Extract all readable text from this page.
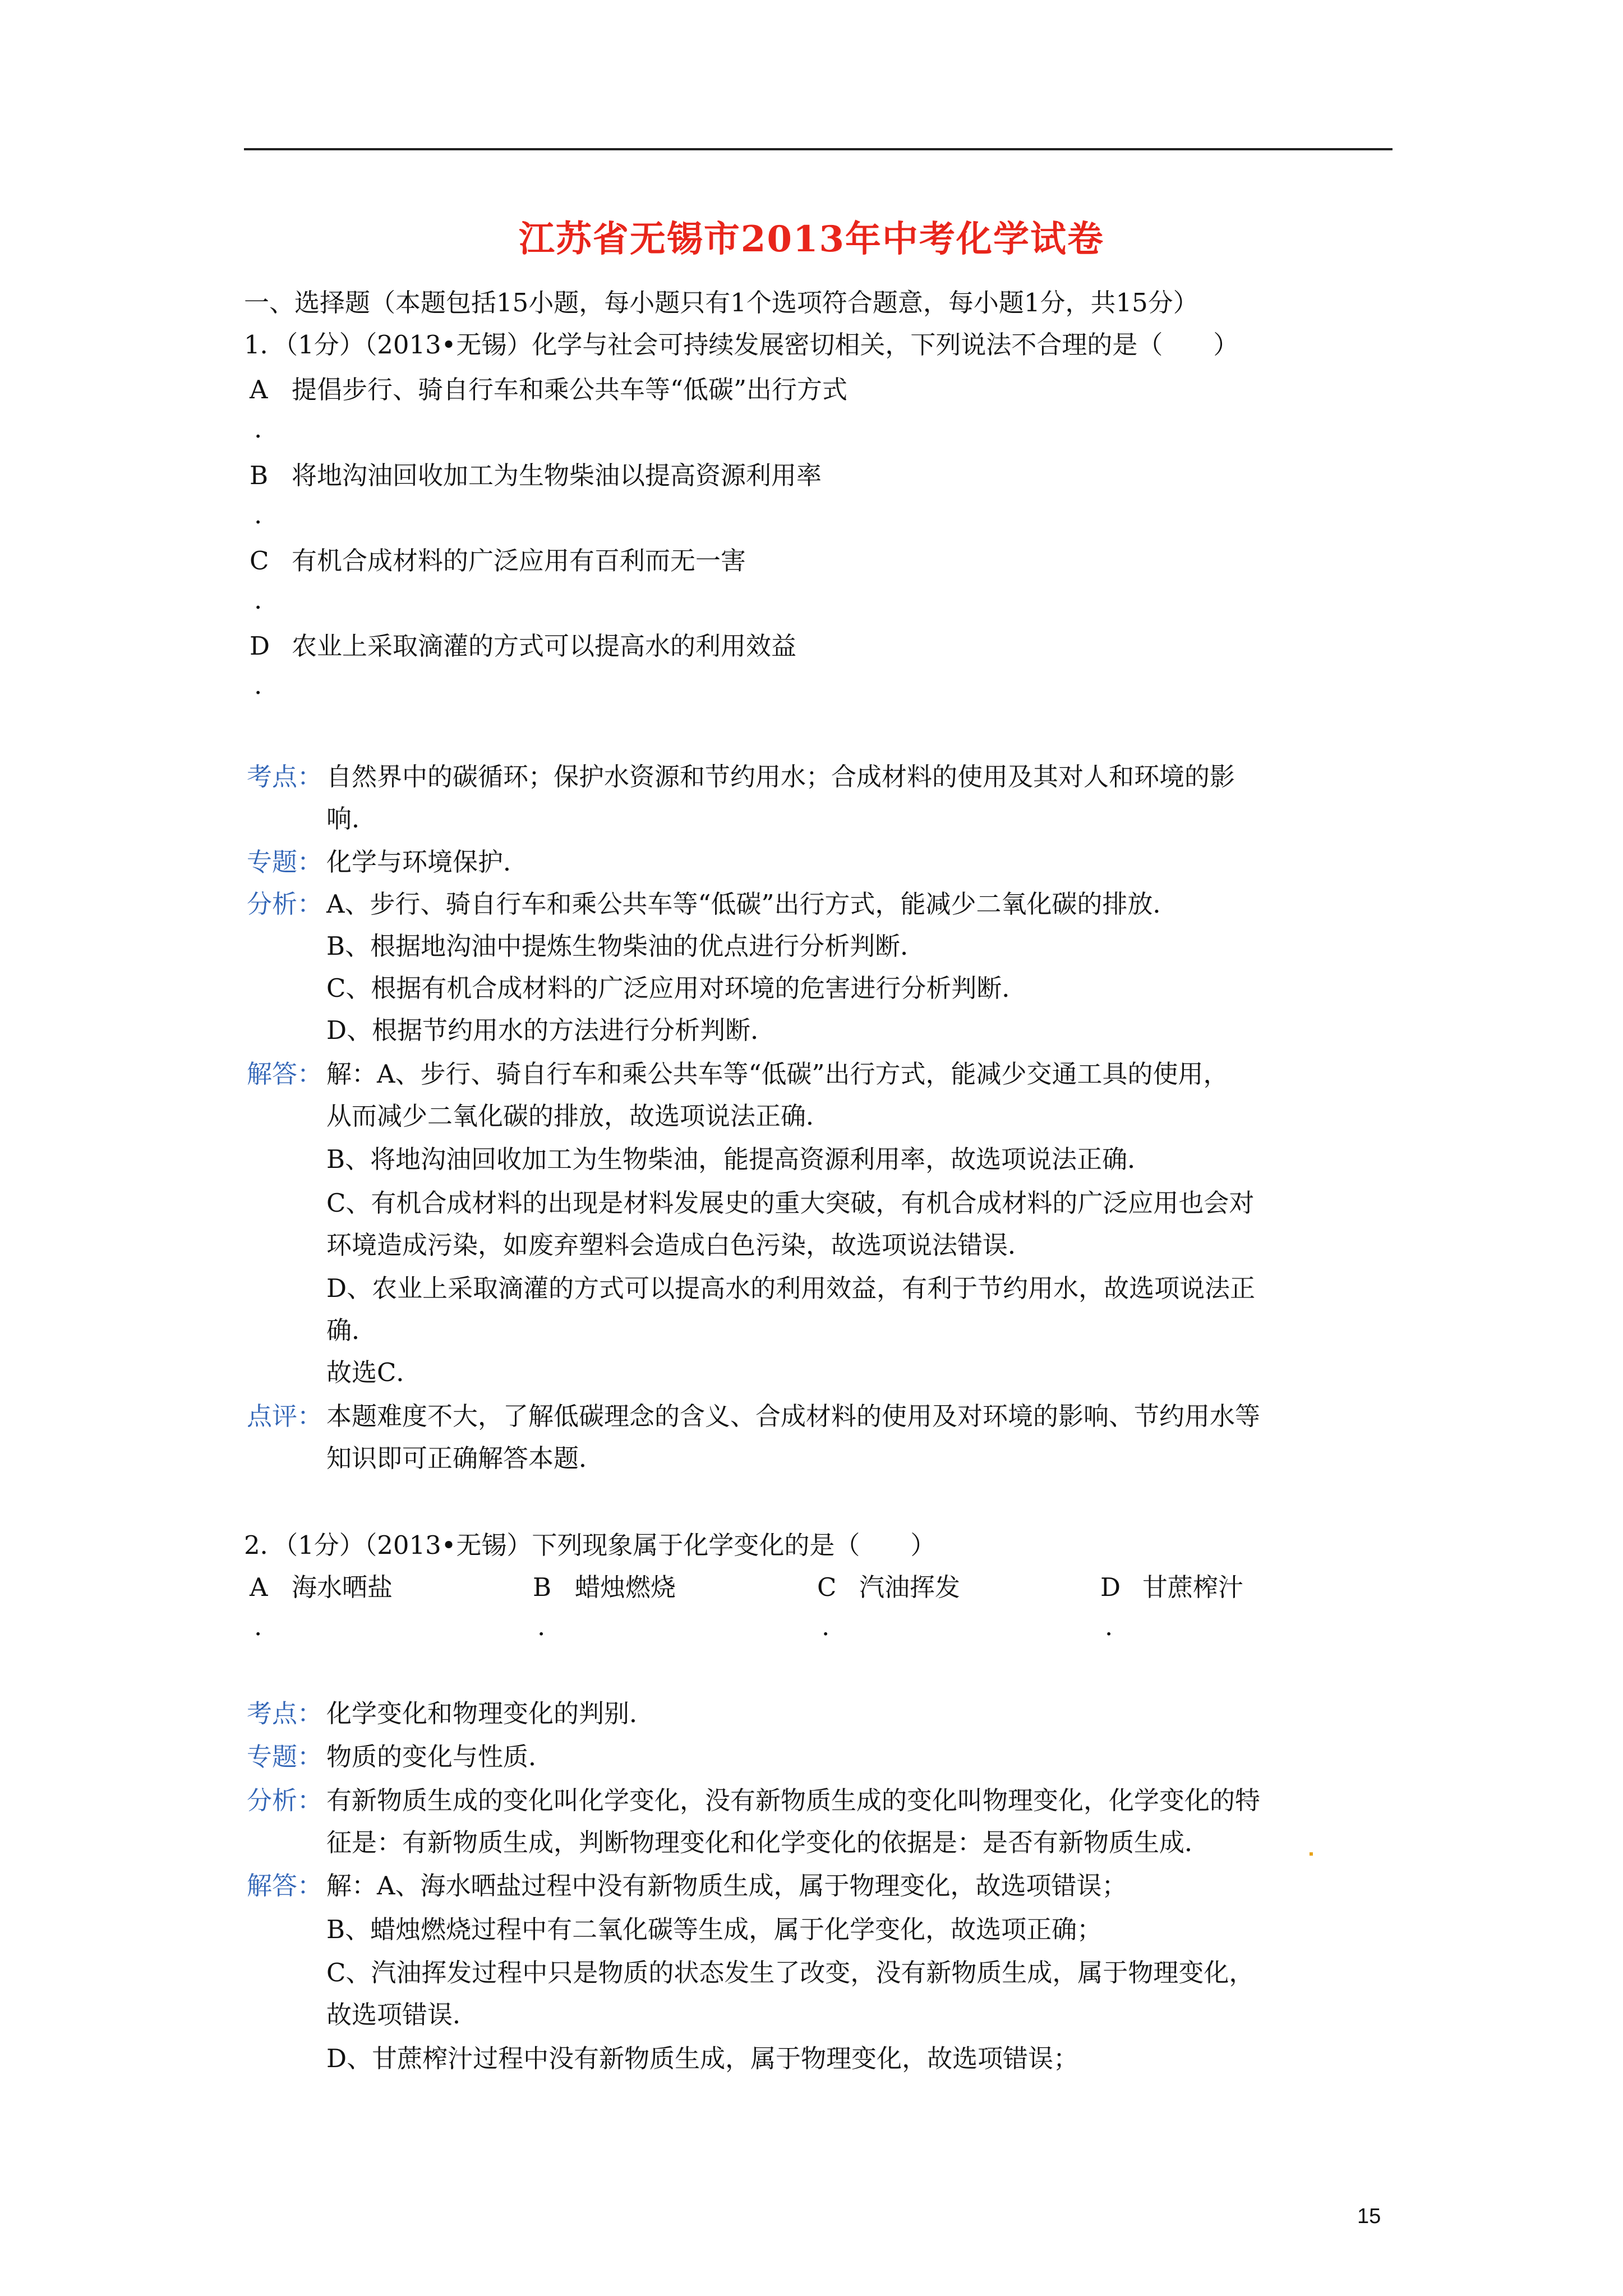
江苏省无锡市2013年中考化学试卷
一、选择题（本题包括15小题，每小题只有1个选项符合题意，每小题1分，共15分）
1．（1分）（2013•无锡）化学与社会可持续发展密切相关，下列说法不合理的是（　　）
A 提倡步行、骑自行车和乘公共车等“低碳”出行方式
.
B 将地沟油回收加工为生物柴油以提高资源利用率
.
C 有机合成材料的广泛应用有百利而无一害
.
D 农业上采取滴灌的方式可以提高水的利用效益
.
考点： 自然界中的碳循环；保护水资源和节约用水；合成材料的使用及其对人和环境的影
响．
专题： 化学与环境保护．
分析： A、步行、骑自行车和乘公共车等“低碳”出行方式，能减少二氧化碳的排放．
B、根据地沟油中提炼生物柴油的优点进行分析判断．
C、根据有机合成材料的广泛应用对环境的危害进行分析判断．
D、根据节约用水的方法进行分析判断．
解答： 解：A、步行、骑自行车和乘公共车等“低碳”出行方式，能减少交通工具的使用，
从而减少二氧化碳的排放，故选项说法正确．
B、将地沟油回收加工为生物柴油，能提高资源利用率，故选项说法正确．
C、有机合成材料的出现是材料发展史的重大突破，有机合成材料的广泛应用也会对
环境造成污染，如废弃塑料会造成白色污染，故选项说法错误．
D、农业上采取滴灌的方式可以提高水的利用效益，有利于节约用水，故选项说法正
确．
故选C．
点评： 本题难度不大，了解低碳理念的含义、合成材料的使用及对环境的影响、节约用水等
知识即可正确解答本题．
2．（1分）（2013•无锡）下列现象属于化学变化的是（　　）
A 海水晒盐
.
B 蜡烛燃烧
.
C 汽油挥发
.
D 甘蔗榨汁
.
考点： 化学变化和物理变化的判别．
专题： 物质的变化与性质．
分析： 有新物质生成的变化叫化学变化，没有新物质生成的变化叫物理变化，化学变化的特
征是：有新物质生成，判断物理变化和化学变化的依据是：是否有新物质生成．
解答： 解：A、海水晒盐过程中没有新物质生成，属于物理变化，故选项错误；
B、蜡烛燃烧过程中有二氧化碳等生成，属于化学变化，故选项正确；
C、汽油挥发过程中只是物质的状态发生了改变，没有新物质生成，属于物理变化，
故选项错误．
D、甘蔗榨汁过程中没有新物质生成，属于物理变化，故选项错误；
15
